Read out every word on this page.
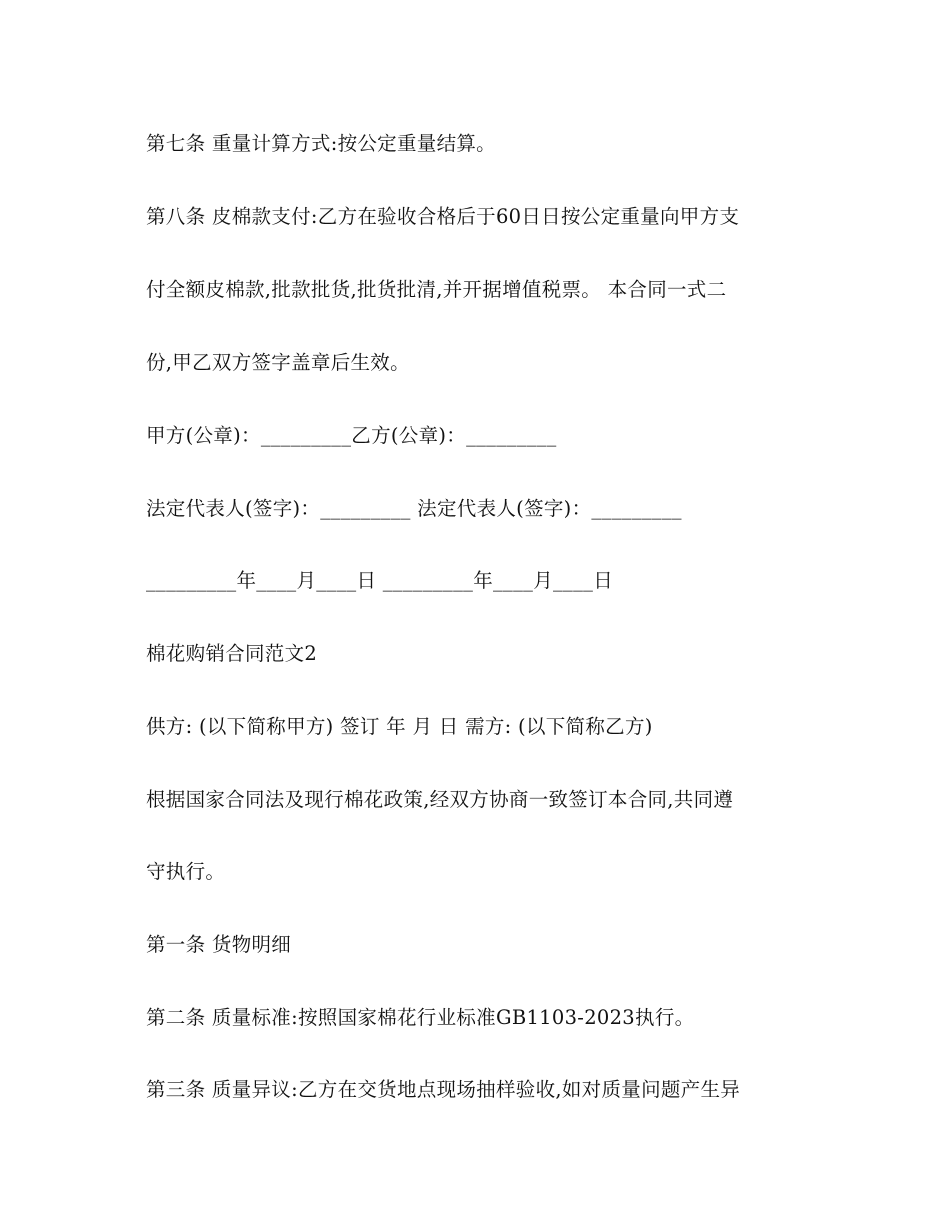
第七条 重量计算方式:按公定重量结算。
第八条 皮棉款支付:乙方在验收合格后于60日日按公定重量向甲方支
付全额皮棉款,批款批货,批货批清,并开据增值税票。 本合同一式二
份,甲乙双方签字盖章后生效。
甲方(公章)：_________乙方(公章)：_________
法定代表人(签字)：_________ 法定代表人(签字)：_________
_________年____月____日 _________年____月____日
棉花购销合同范文2
供方: (以下简称甲方) 签订 年 月 日 需方: (以下简称乙方)
根据国家合同法及现行棉花政策,经双方协商一致签订本合同,共同遵
守执行。
第一条 货物明细
第二条 质量标准:按照国家棉花行业标准GB1103-2023执行。
第三条 质量异议:乙方在交货地点现场抽样验收,如对质量问题产生异
